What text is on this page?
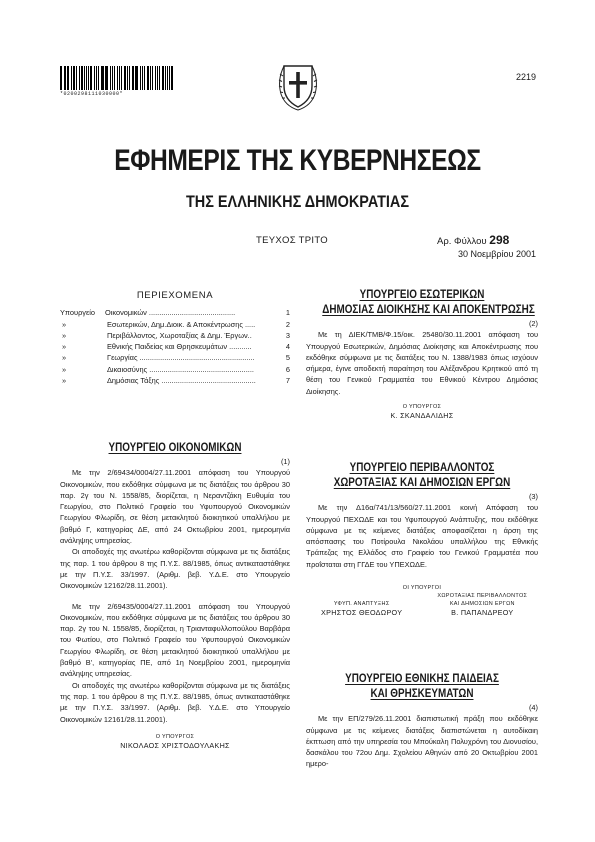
*0200298111030000*
2219
ΕΦΗΜΕΡΙΣ ΤΗΣ ΚΥΒΕΡΝΗΣΕΩΣ
ΤΗΣ ΕΛΛΗΝΙΚΗΣ ΔΗΜΟΚΡΑΤΙΑΣ
ΤΕΥΧΟΣ ΤΡΙΤΟ	Αρ. Φύλλου 298
30 Νοεμβρίου 2001
ΠΕΡΙΕΧΟΜΕΝΑ
Υπουργείο	Οικονομικών ..........................................	1
»	Εσωτερικών, Δημ.Διοικ. & Αποκέντρωσης .....	2
»	Περιβάλλοντος, Χωροταξίας & Δημ. Έργων..	3
»	Εθνικής Παιδείας και Θρησκευμάτων ...........	4
»	Γεωργίας ........................................................	5
»	Δικαιοσύνης ...................................................	6
»	Δημόσιας Τάξης ..............................................	7
ΥΠΟΥΡΓΕΙΟ ΟΙΚΟΝΟΜΙΚΩΝ
(1)

Με την 2/69434/0004/27.11.2001 απόφαση του Υπουργού Οικονομικών, που εκδόθηκε σύμφωνα με τις διατάξεις του άρθρου 30 παρ. 2γ του Ν. 1558/85, διορίζεται, η Νεραντζάκη Ευθυμία του Γεωργίου, στο Πολιτικό Γραφείο του Υφυπουργού Οικονομικών Γεωργίου Φλωρίδη, σε θέση μετακλητού διοικητικού υπαλλήλου με βαθμό Γ, κατηγορίας ΔΕ, από 24 Οκτωβρίου 2001, ημερομηνία ανάληψης υπηρεσίας.

Οι αποδοχές της ανωτέρω καθορίζονται σύμφωνα με τις διατάξεις της παρ. 1 του άρθρου 8 της Π.Υ.Σ. 88/1985, όπως αντικαταστάθηκε με την Π.Υ.Σ. 33/1997. (Αριθμ. βεβ. Υ.Δ.Ε. στο Υπουργείο Οικονομικών 12162/28.11.2001).

Με την 2/69435/0004/27.11.2001 απόφαση του Υπουργού Οικονομικών, που εκδόθηκε σύμφωνα με τις διατάξεις του άρθρου 30 παρ. 2γ του Ν. 1558/85, διορίζεται, η Τριανταφυλλοπούλου Βαρβάρα του Φωτίου, στο Πολιτικό Γραφείο του Υφυπουργού Οικονομικών Γεωργίου Φλωρίδη, σε θέση μετακλητού διοικητικού υπαλλήλου με βαθμό Β', κατηγορίας ΠΕ, από 1η Νοεμβρίου 2001, ημερομηνία ανάληψης υπηρεσίας.

Οι αποδοχές της ανωτέρω καθορίζονται σύμφωνα με τις διατάξεις της παρ. 1 του άρθρου 8 της Π.Υ.Σ. 88/1985, όπως αντικαταστάθηκε με την Π.Υ.Σ. 33/1997. (Αριθμ. βεβ. Υ.Δ.Ε. στο Υπουργείο Οικονομικών 12161/28.11.2001).

Ο ΥΠΟΥΡΓΟΣ
ΝΙΚΟΛΑΟΣ ΧΡΙΣΤΟΔΟΥΛΑΚΗΣ
ΥΠΟΥΡΓΕΙΟ ΕΣΩΤΕΡΙΚΩΝ
ΔΗΜΟΣΙΑΣ ΔΙΟΙΚΗΣΗΣ ΚΑΙ ΑΠΟΚΕΝΤΡΩΣΗΣ
(2)

Με τη ΔΙΕΚ/ΤΜΒ/Φ.15/οικ. 25480/30.11.2001 απόφαση του Υπουργού Εσωτερικών, Δημόσιας Διοίκησης και Αποκέντρωσης που εκδόθηκε σύμφωνα με τις διατάξεις του Ν. 1388/1983 όπως ισχύουν σήμερα, έγινε αποδεκτή παραίτηση του Αλέξανδρου Κρητικού από τη θέση του Γενικού Γραμματέα του Εθνικού Κέντρου Δημόσιας Διοίκησης.

Ο ΥΠΟΥΡΓΟΣ
Κ. ΣΚΑΝΔΑΛΙΔΗΣ
ΥΠΟΥΡΓΕΙΟ ΠΕΡΙΒΑΛΛΟΝΤΟΣ
ΧΩΡΟΤΑΞΙΑΣ ΚΑΙ ΔΗΜΟΣΙΩΝ ΕΡΓΩΝ
(3)

Με την Δ16α/741/13/560/27.11.2001 κοινή Απόφαση του Υπουργού ΠΕΧΩΔΕ και του Υφυπουργού Ανάπτυξης, που εκδόθηκε σύμφωνα με τις κείμενες διατάξεις αποφασίζεται η άρση της απόσπασης του Ποτίρουλα Νικολάου υπαλλήλου της Εθνικής Τράπεζας της Ελλάδος στο Γραφείο του Γενικού Γραμματέα που προΐσταται στη ΓΓΔΕ του ΥΠΕΧΩΔΕ.

ΟΙ ΥΠΟΥΡΓΟΙ
ΥΦΥΠ. ΑΝΑΠΤΥΞΗΣ
ΧΡΗΣΤΟΣ ΘΕΟΔΩΡΟΥ
ΧΩΡΟΤΑΞΙΑΣ ΠΕΡΙΒΑΛΛΟΝΤΟΣ
ΚΑΙ ΔΗΜΟΣΙΩΝ ΕΡΓΩΝ
Β. ΠΑΠΑΝΔΡΕΟΥ
ΥΠΟΥΡΓΕΙΟ ΕΘΝΙΚΗΣ ΠΑΙΔΕΙΑΣ
ΚΑΙ ΘΡΗΣΚΕΥΜΑΤΩΝ
(4)

Με την ΕΠ/279/26.11.2001 διαπιστωτική πράξη που εκδόθηκε σύμφωνα με τις κείμενες διατάξεις διαπιστώνεται η αυτοδίκαιη έκπτωση από την υπηρεσία του Μπούκαλη Πολυχρόνη του Διονυσίου, δασκάλου του 72ου Δημ. Σχολείου Αθηνών από 20 Οκτωβρίου 2001 ημερο-
